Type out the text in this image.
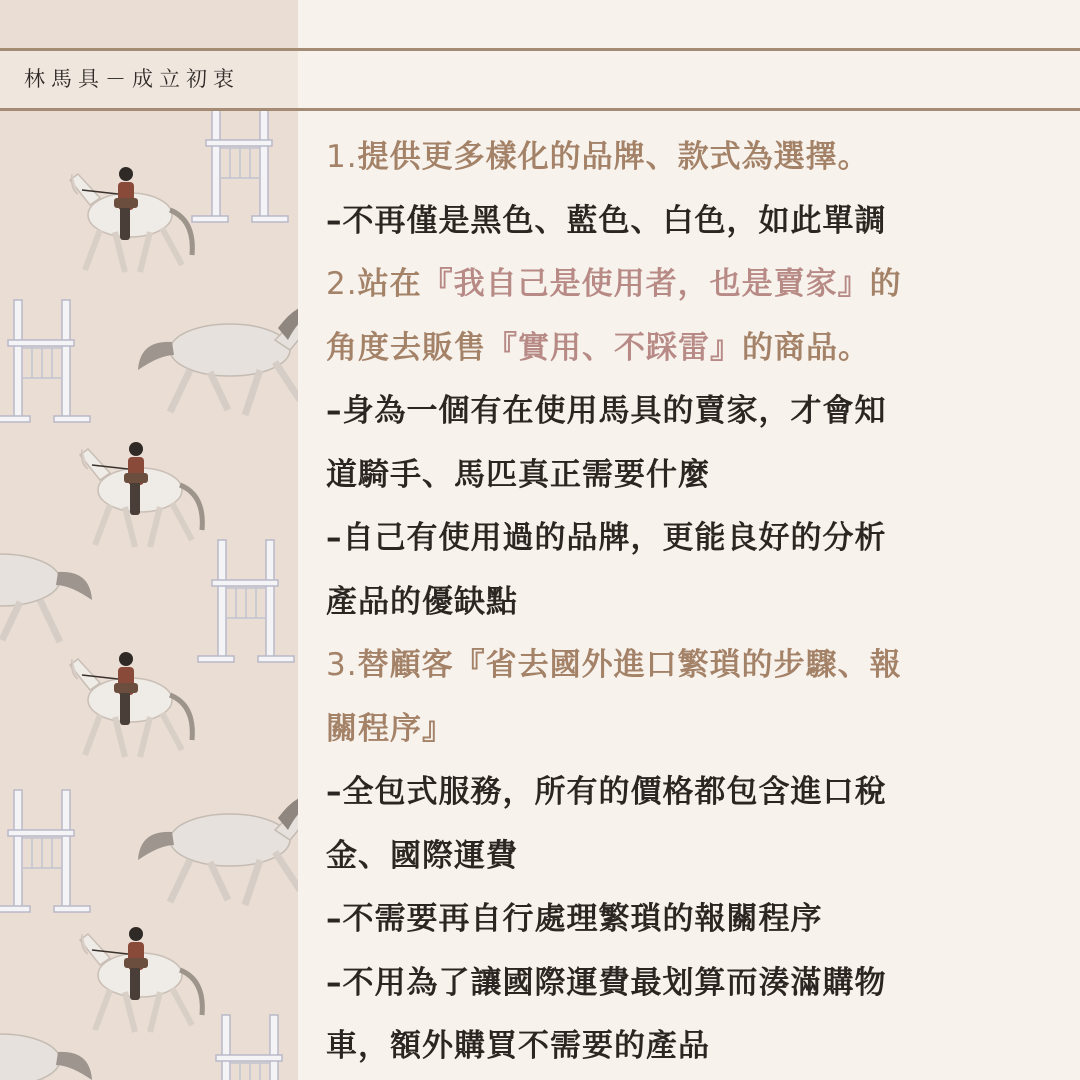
林馬具－成立初衷
1.提供更多樣化的品牌、款式為選擇。
–不再僅是黑色、藍色、白色，如此單調
2.站在『我自己是使用者，也是賣家』的
角度去販售『實用、不踩雷』的商品。
–身為一個有在使用馬具的賣家，才會知
道騎手、馬匹真正需要什麼
–自己有使用過的品牌，更能良好的分析
產品的優缺點
3.替顧客『省去國外進口繁瑣的步驟、報
關程序』
–全包式服務，所有的價格都包含進口稅
金、國際運費
–不需要再自行處理繁瑣的報關程序
–不用為了讓國際運費最划算而湊滿購物
車，額外購買不需要的產品
